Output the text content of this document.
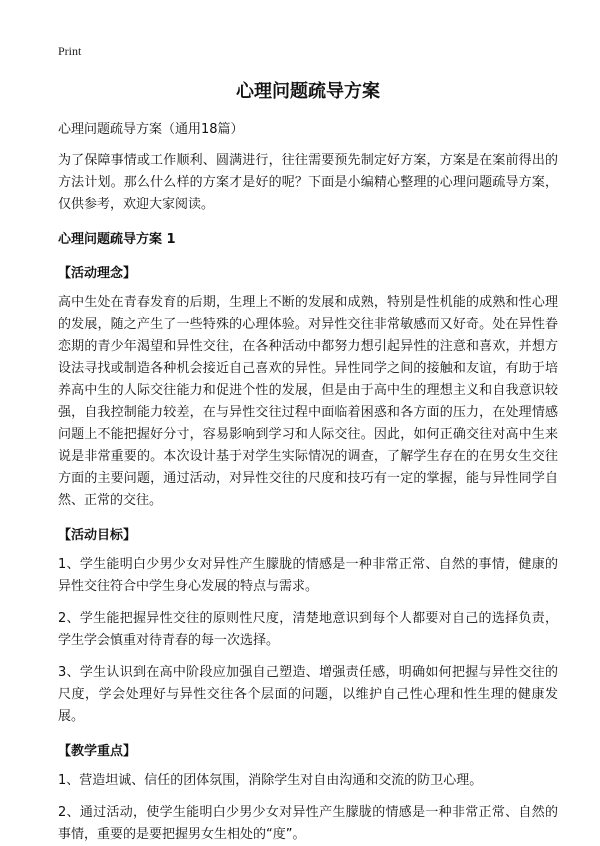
Print

心理问题疏导方案

心理问题疏导方案（通用18篇）

为了保障事情或工作顺利、圆满进行，往往需要预先制定好方案，方案是在案前得出的方法计划。那么什么样的方案才是好的呢？下面是小编精心整理的心理问题疏导方案，仅供参考，欢迎大家阅读。

心理问题疏导方案 1

【活动理念】

高中生处在青春发育的后期，生理上不断的发展和成熟，特别是性机能的成熟和性心理的发展，随之产生了一些特殊的心理体验。对异性交往非常敏感而又好奇。处在异性眷恋期的青少年渴望和异性交往，在各种活动中都努力想引起异性的注意和喜欢，并想方设法寻找或制造各种机会接近自己喜欢的异性。异性同学之间的接触和友谊，有助于培养高中生的人际交往能力和促进个性的发展，但是由于高中生的理想主义和自我意识较强，自我控制能力较差，在与异性交往过程中面临着困惑和各方面的压力，在处理情感问题上不能把握好分寸，容易影响到学习和人际交往。因此，如何正确交往对高中生来说是非常重要的。本次设计基于对学生实际情况的调查，了解学生存在的在男女生交往方面的主要问题，通过活动，对异性交往的尺度和技巧有一定的掌握，能与异性同学自然、正常的交往。

【活动目标】

1、学生能明白少男少女对异性产生朦胧的情感是一种非常正常、自然的事情，健康的异性交往符合中学生身心发展的特点与需求。

2、学生能把握异性交往的原则性尺度，清楚地意识到每个人都要对自己的选择负责，学生学会慎重对待青春的每一次选择。

3、学生认识到在高中阶段应加强自己塑造、增强责任感，明确如何把握与异性交往的尺度，学会处理好与异性交往各个层面的问题，以维护自己性心理和性生理的健康发展。

【教学重点】

1、营造坦诚、信任的团体氛围，消除学生对自由沟通和交流的防卫心理。

2、通过活动，使学生能明白少男少女对异性产生朦胧的情感是一种非常正常、自然的事情，重要的是要把握男女生相处的“度”。
